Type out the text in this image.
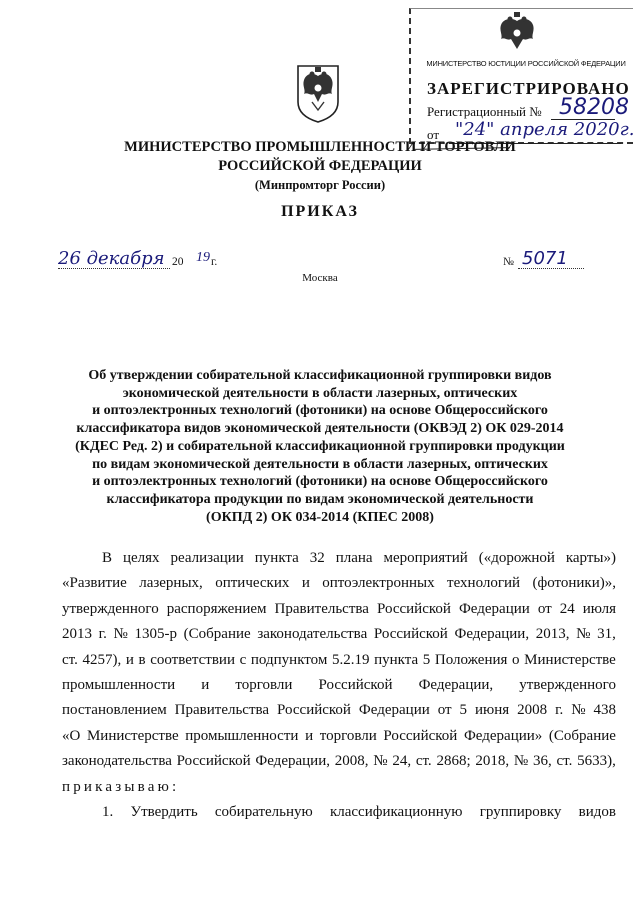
МИНИСТЕРСТВО ЮСТИЦИИ РОССИЙСКОЙ ФЕДЕРАЦИИ
ЗАРЕГИСТРИРОВАНО
Регистрационный № 58208
от "24" апреля 2020г.
МИНИСТЕРСТВО ПРОМЫШЛЕННОСТИ И ТОРГОВЛИ
РОССИЙСКОЙ ФЕДЕРАЦИИ
(Минпромторг России)
ПРИКАЗ
26 декабря 20 19 г.	№ 5071
Москва
Об утверждении собирательной классификационной группировки видов
экономической деятельности в области лазерных, оптических
и оптоэлектронных технологий (фотоники) на основе Общероссийского
классификатора видов экономической деятельности (ОКВЭД 2) ОК 029-2014
(КДЕС Ред. 2) и собирательной классификационной группировки продукции
по видам экономической деятельности в области лазерных, оптических
и оптоэлектронных технологий (фотоники) на основе Общероссийского
классификатора продукции по видам экономической деятельности
(ОКПД 2) ОК 034-2014 (КПЕС 2008)
В целях реализации пункта 32 плана мероприятий («дорожной карты»)
«Развитие лазерных, оптических и оптоэлектронных технологий (фотоники)»,
утвержденного распоряжением Правительства Российской Федерации от 24 июля
2013 г. № 1305-р (Собрание законодательства Российской Федерации, 2013, № 31,
ст. 4257), и в соответствии с подпунктом 5.2.19 пункта 5 Положения о Министерстве
промышленности и торговли Российской Федерации, утвержденного
постановлением Правительства Российской Федерации от 5 июня 2008 г. № 438
«О Министерстве промышленности и торговли Российской Федерации» (Собрание
законодательства Российской Федерации, 2008, № 24, ст. 2868; 2018, № 36, ст. 5633),
приказываю:
1. Утвердить собирательную классификационную группировку видов
